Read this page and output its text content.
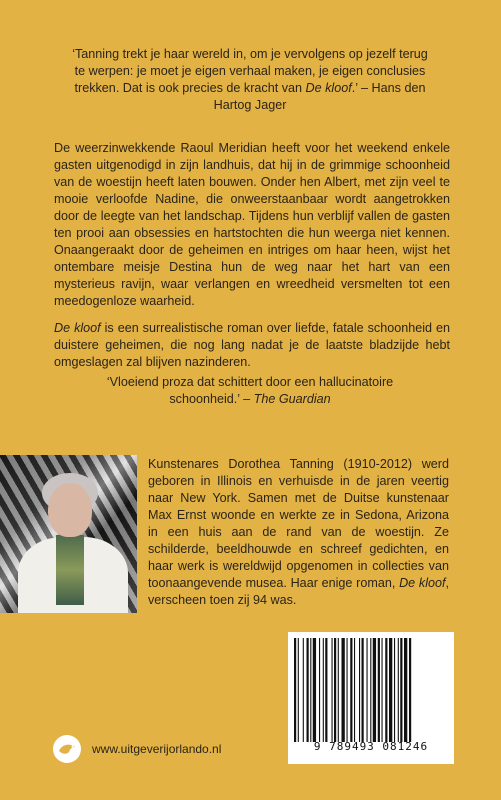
‘Tanning trekt je haar wereld in, om je vervolgens op jezelf terug te werpen: je moet je eigen verhaal maken, je eigen conclusies trekken. Dat is ook precies de kracht van De kloof.’ – Hans den Hartog Jager

De weerzinwekkende Raoul Meridian heeft voor het weekend enkele gasten uitgenodigd in zijn landhuis, dat hij in de grimmige schoonheid van de woestijn heeft laten bouwen. Onder hen Albert, met zijn veel te mooie verloofde Nadine, die onweerstaanbaar wordt aangetrokken door de leegte van het landschap. Tijdens hun verblijf vallen de gasten ten prooi aan obsessies en hartstochten die hun weerga niet kennen. Onaangeraakt door de geheimen en intriges om haar heen, wijst het ontembare meisje Destina hun de weg naar het hart van een mysterieus ravijn, waar verlangen en wreedheid versmelten tot een meedogenloze waarheid.

De kloof is een surrealistische roman over liefde, fatale schoonheid en duistere geheimen, die nog lang nadat je de laatste bladzijde hebt omgeslagen zal blijven nazinderen.

‘Vloeiend proza dat schittert door een hallucinatoire schoonheid.’ – The Guardian
Kunstenares Dorothea Tanning (1910-2012) werd geboren in Illinois en verhuisde in de jaren veertig naar New York. Samen met de Duitse kunstenaar Max Ernst woonde en werkte ze in Sedona, Arizona in een huis aan de rand van de woestijn. Ze schilderde, beeldhouwde en schreef gedichten, en haar werk is wereldwijd opgenomen in collecties van toonaangevende musea. Haar enige roman, De kloof, verscheen toen zij 94 was.
9 789493 081246
www.uitgeverijorlando.nl
